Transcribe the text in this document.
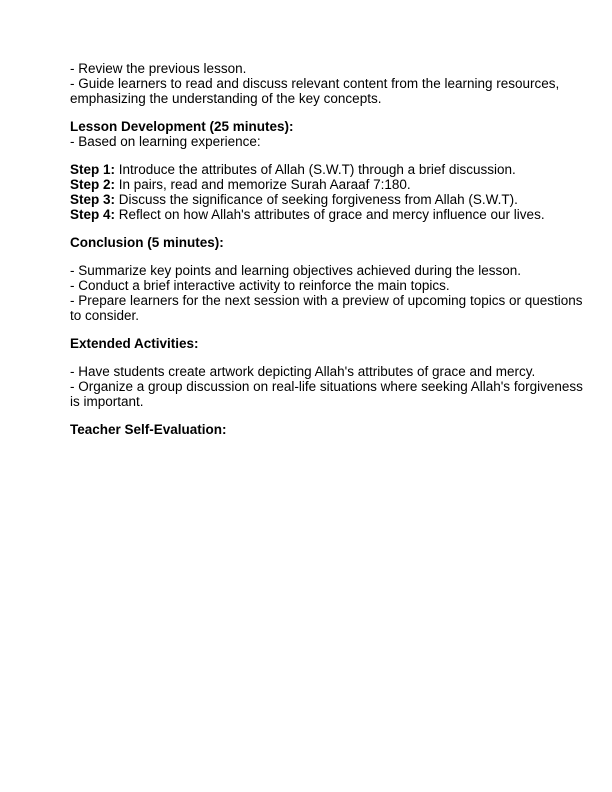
- Review the previous lesson.
- Guide learners to read and discuss relevant content from the learning resources,
emphasizing the understanding of the key concepts.
Lesson Development (25 minutes):
- Based on learning experience:
Step 1: Introduce the attributes of Allah (S.W.T) through a brief discussion.
Step 2: In pairs, read and memorize Surah Aaraaf 7:180.
Step 3: Discuss the significance of seeking forgiveness from Allah (S.W.T).
Step 4: Reflect on how Allah's attributes of grace and mercy influence our lives.
Conclusion (5 minutes):
- Summarize key points and learning objectives achieved during the lesson.
- Conduct a brief interactive activity to reinforce the main topics.
- Prepare learners for the next session with a preview of upcoming topics or questions
to consider.
Extended Activities:
- Have students create artwork depicting Allah's attributes of grace and mercy.
- Organize a group discussion on real-life situations where seeking Allah's forgiveness
is important.
Teacher Self-Evaluation:
